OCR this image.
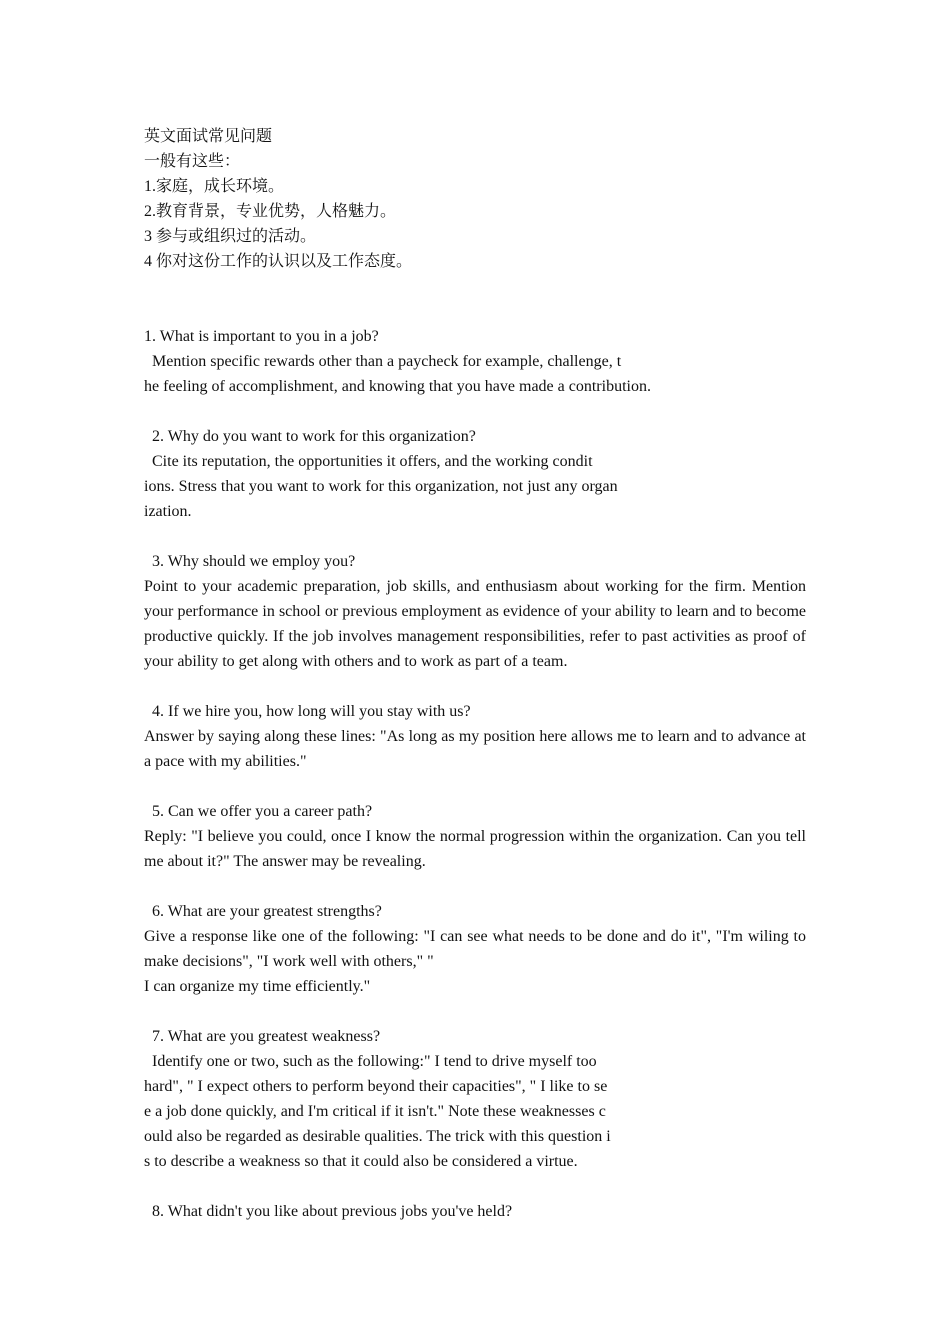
英文面试常见问题
一般有这些：
1.家庭，成长环境。
2.教育背景，专业优势，人格魅力。
3 参与或组织过的活动。
4 你对这份工作的认识以及工作态度。
1. What is important to you in a job?
Mention specific rewards other than a paycheck for example, challenge, t
he feeling of accomplishment, and knowing that you have made a contribution.
2. Why do you want to work for this organization?
Cite its reputation, the opportunities it offers, and the working condit
ions. Stress that you want to work for this organization, not just any organ
ization.
3. Why should we employ you?
Point to your academic preparation, job skills, and enthusiasm about working for the firm. Mention your performance in school or previous employment as evidence of your ability to learn and to become productive quickly. If the job involves management responsibilities, refer to past activities as proof of your ability to get along with others and to work as part of a team.
4. If we hire you, how long will you stay with us?
Answer by saying along these lines: "As long as my position here allows me to learn and to advance at a pace with my abilities."
5. Can we offer you a career path?
Reply: "I believe you could, once I know the normal progression within the organization. Can you tell me about it?" The answer may be revealing.
6. What are your greatest strengths?
Give a response like one of the following: "I can see what needs to be done and do it", "I'm wiling to make decisions", "I work well with others," "
I can organize my time efficiently."
7. What are you greatest weakness?
Identify one or two, such as the following:" I tend to drive myself too
hard", " I expect others to perform beyond their capacities", " I like to se
e a job done quickly, and I'm critical if it isn't." Note these weaknesses c
ould also be regarded as desirable qualities. The trick with this question i
s to describe a weakness so that it could also be considered a virtue.
8. What didn't you like about previous jobs you've held?
